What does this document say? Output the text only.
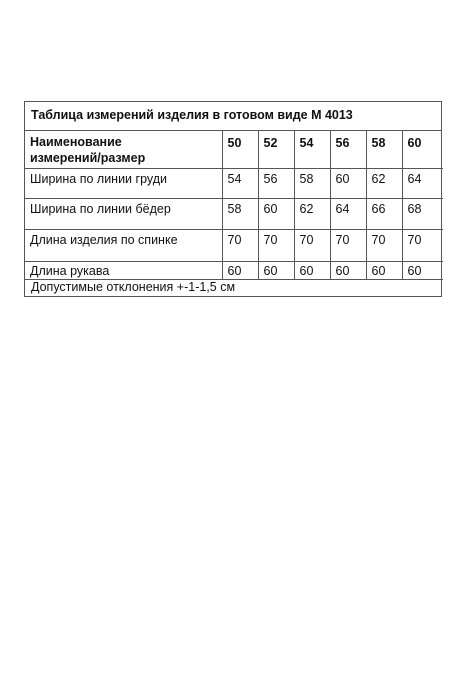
Таблица измерений изделия в готовом виде М 4013
Наименование
измерений/размер	50	52	54	56	58	60
Ширина по линии груди	54	56	58	60	62	64
Ширина по линии бёдер	58	60	62	64	66	68
Длина изделия по спинке	70	70	70	70	70	70
Длина рукава	60	60	60	60	60	60
Допустимые отклонения +-1-1,5 см
